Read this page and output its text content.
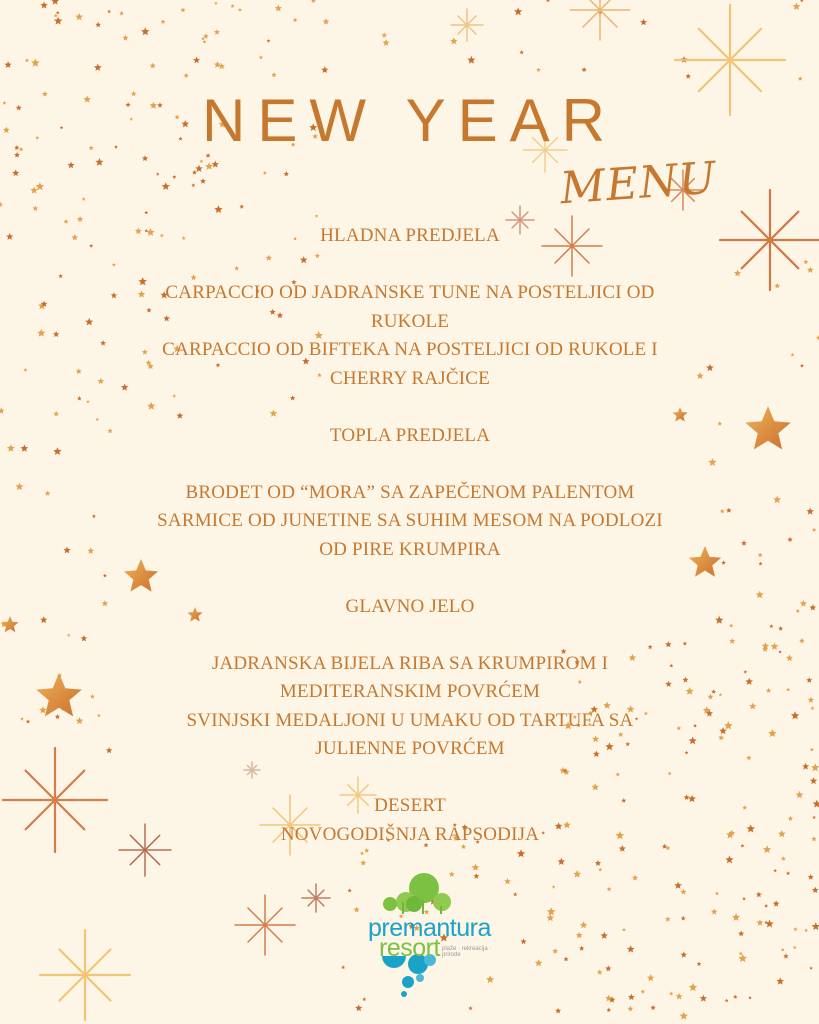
NEW YEAR
MENU
HLADNA PREDJELA
CARPACCIO OD JADRANSKE TUNE NA POSTELJICI OD
RUKOLE
CARPACCIO OD BIFTEKA NA POSTELJICI OD RUKOLE I
CHERRY RAJČICE
TOPLA PREDJELA
BRODET OD “MORA” SA ZAPEČENOM PALENTOM
SARMICE OD JUNETINE SA SUHIM MESOM NA PODLOZI
OD PIRE KRUMPIRA
GLAVNO JELO
JADRANSKA BIJELA RIBA SA KRUMPIROM I
MEDITERANSKIM POVRĆEM
SVINJSKI MEDALJONI U UMAKU OD TARTUFA SA
JULIENNE POVRĆEM
DESERT
NOVOGODIŠNJA RAPSODIJA
premantura
resort plaže · rekreacija · prirode
